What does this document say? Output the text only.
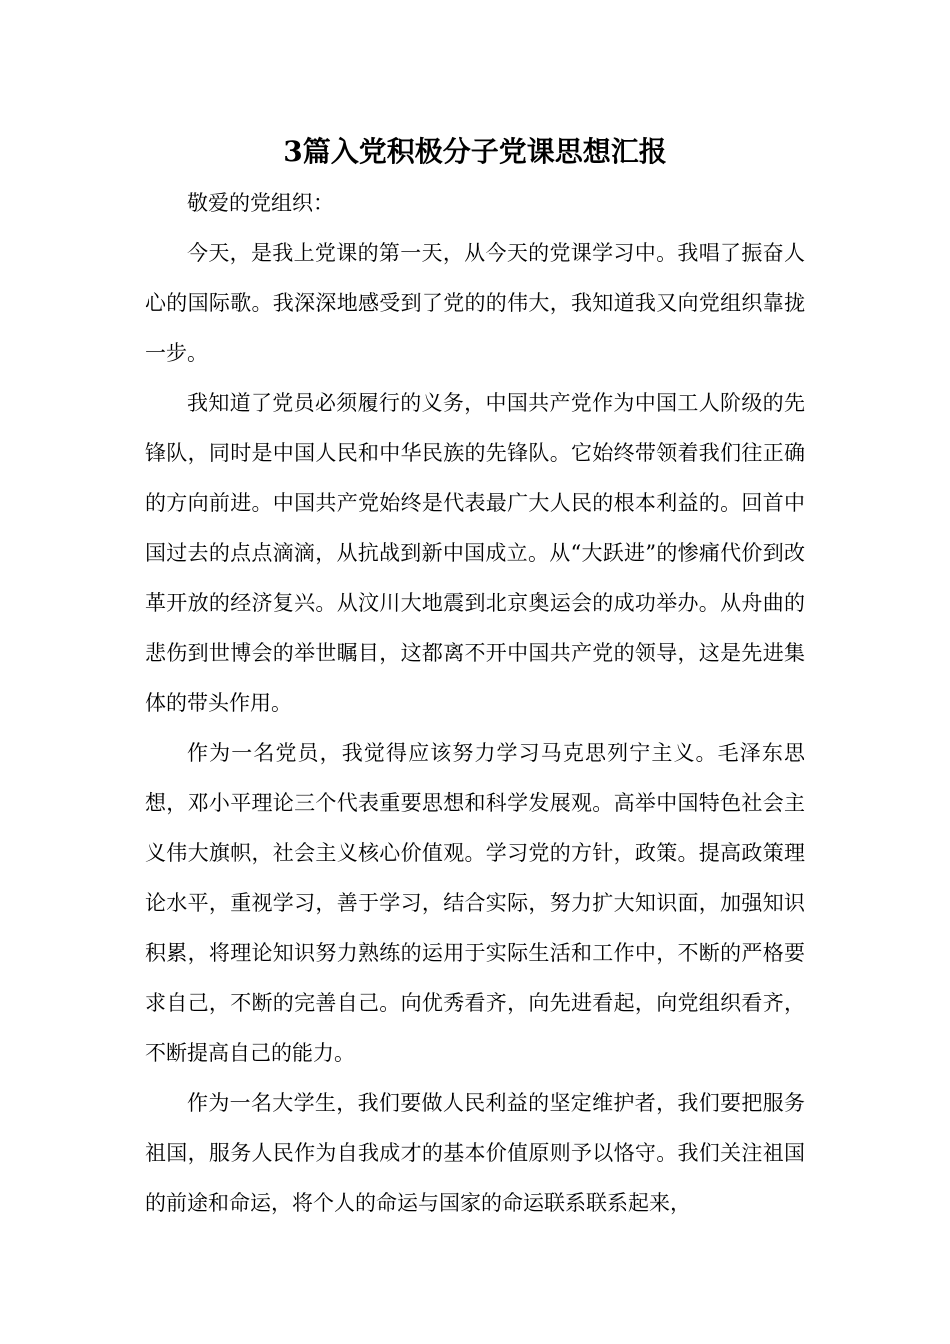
3篇入党积极分子党课思想汇报

敬爱的党组织：

今天，是我上党课的第一天，从今天的党课学习中。我唱了振奋人心的国际歌。我深深地感受到了党的的伟大，我知道我又向党组织靠拢一步。

我知道了党员必须履行的义务，中国共产党作为中国工人阶级的先锋队，同时是中国人民和中华民族的先锋队。它始终带领着我们往正确的方向前进。中国共产党始终是代表最广大人民的根本利益的。回首中国过去的点点滴滴，从抗战到新中国成立。从“大跃进”的惨痛代价到改革开放的经济复兴。从汶川大地震到北京奥运会的成功举办。从舟曲的悲伤到世博会的举世瞩目，这都离不开中国共产党的领导，这是先进集体的带头作用。

作为一名党员，我觉得应该努力学习马克思列宁主义。毛泽东思想，邓小平理论三个代表重要思想和科学发展观。高举中国特色社会主义伟大旗帜，社会主义核心价值观。学习党的方针，政策。提高政策理论水平，重视学习，善于学习，结合实际，努力扩大知识面，加强知识积累，将理论知识努力熟练的运用于实际生活和工作中，不断的严格要求自己，不断的完善自己。向优秀看齐，向先进看起，向党组织看齐，不断提高自己的能力。

作为一名大学生，我们要做人民利益的坚定维护者，我们要把服务祖国，服务人民作为自我成才的基本价值原则予以恪守。我们关注祖国的前途和命运，将个人的命运与国家的命运联系联系起来，
